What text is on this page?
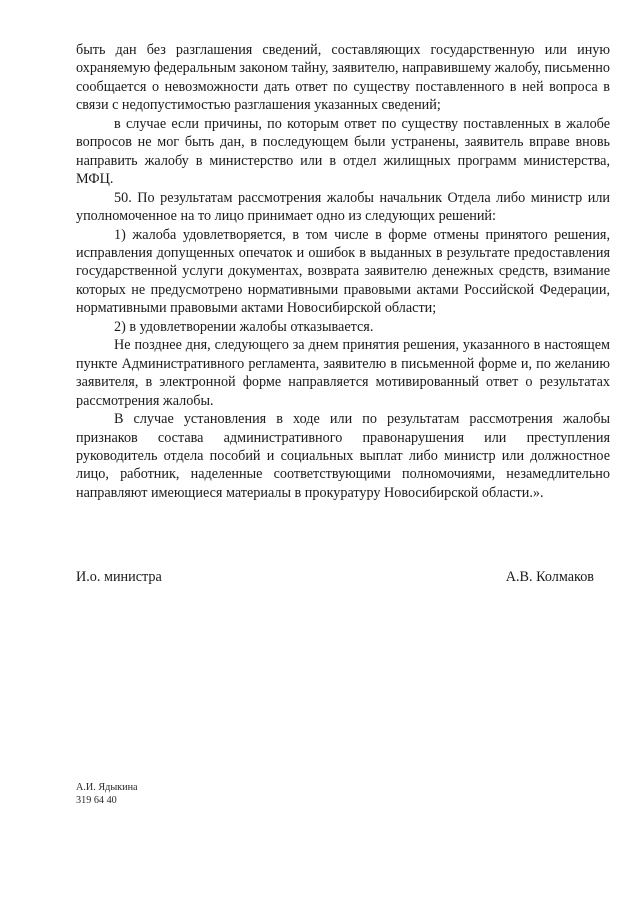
быть дан без разглашения сведений, составляющих государственную или иную охраняемую федеральным законом тайну, заявителю, направившему жалобу, письменно сообщается о невозможности дать ответ по существу поставленного в ней вопроса в связи с недопустимостью разглашения указанных сведений;

в случае если причины, по которым ответ по существу поставленных в жалобе вопросов не мог быть дан, в последующем были устранены, заявитель вправе вновь направить жалобу в министерство или в отдел жилищных программ министерства, МФЦ.

50. По результатам рассмотрения жалобы начальник Отдела либо министр или уполномоченное на то лицо принимает одно из следующих решений:

1) жалоба удовлетворяется, в том числе в форме отмены принятого решения, исправления допущенных опечаток и ошибок в выданных в результате предоставления государственной услуги документах, возврата заявителю денежных средств, взимание которых не предусмотрено нормативными правовыми актами Российской Федерации, нормативными правовыми актами Новосибирской области;

2) в удовлетворении жалобы отказывается.

Не позднее дня, следующего за днем принятия решения, указанного в настоящем пункте Административного регламента, заявителю в письменной форме и, по желанию заявителя, в электронной форме направляется мотивированный ответ о результатах рассмотрения жалобы.

В случае установления в ходе или по результатам рассмотрения жалобы признаков состава административного правонарушения или преступления руководитель отдела пособий и социальных выплат либо министр или должностное лицо, работник, наделенные соответствующими полномочиями, незамедлительно направляют имеющиеся материалы в прокуратуру Новосибирской области.».

И.о. министра	А.В. Колмаков
А.И. Ядыкина
319 64 40
